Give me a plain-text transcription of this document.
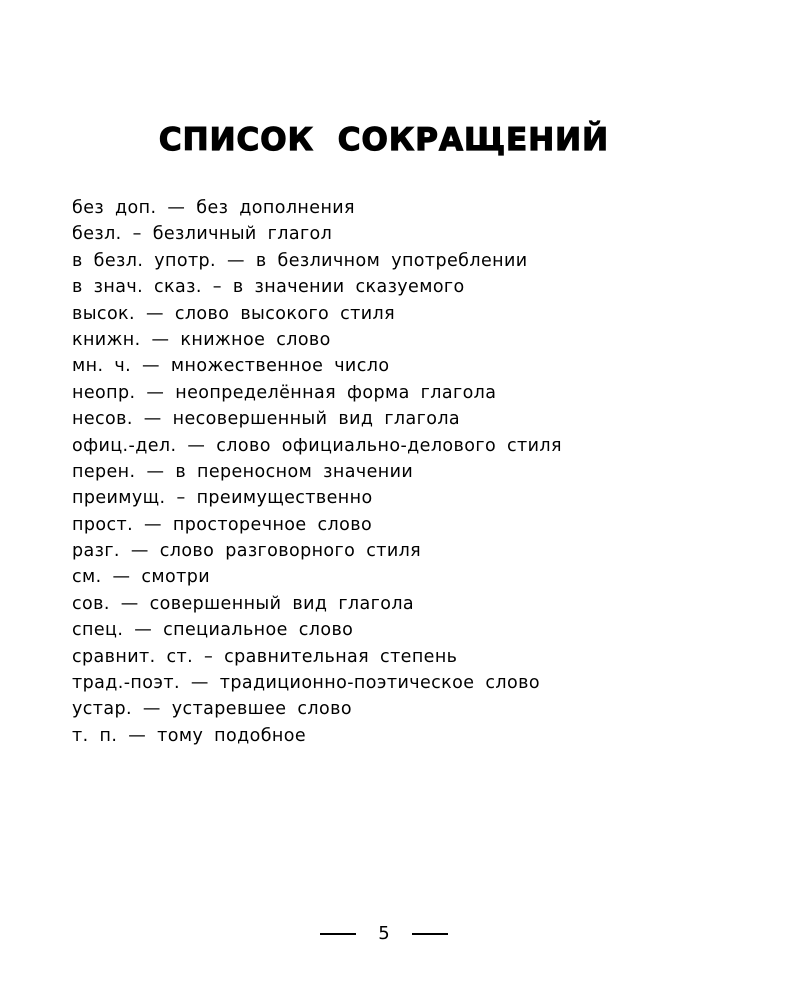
СПИСОК СОКРАЩЕНИЙ
без доп. — без дополнения
безл. – безличный глагол
в безл. употр. — в безличном употреблении
в знач. сказ. – в значении сказуемого
высок. — слово высокого стиля
книжн. — книжное слово
мн. ч. — множественное число
неопр. — неопределённая форма глагола
несов. — несовершенный вид глагола
офиц.-дел. — слово официально-делового стиля
перен. — в переносном значении
преимущ. – преимущественно
прост. — просторечное слово
разг. — слово разговорного стиля
см. — смотри
сов. — совершенный вид глагола
спец. — специальное слово
сравнит. ст. – сравнительная степень
трад.-поэт. — традиционно-поэтическое слово
устар. — устаревшее слово
т. п. — тому подобное
5
